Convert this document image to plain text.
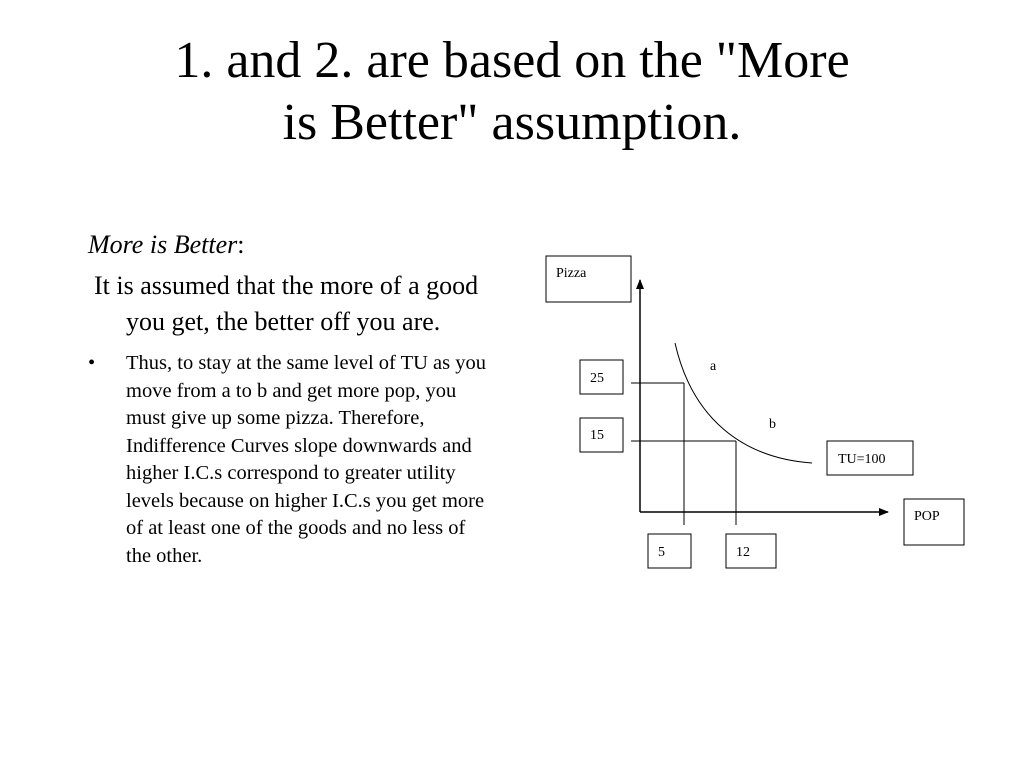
1. and 2. are based on the "More
is Better" assumption.

More is Better:

It is assumed that the more of a good you get, the better off you are.

• Thus, to stay at the same level of TU as you move from a to b and get more pop, you must give up some pizza. Therefore, Indifference Curves slope downwards and higher I.C.s correspond to greater utility levels because on higher I.C.s you get more of at least one of the goods and no less of the other.
Pizza
25
15
5	12
POP
TU=100
a
b
